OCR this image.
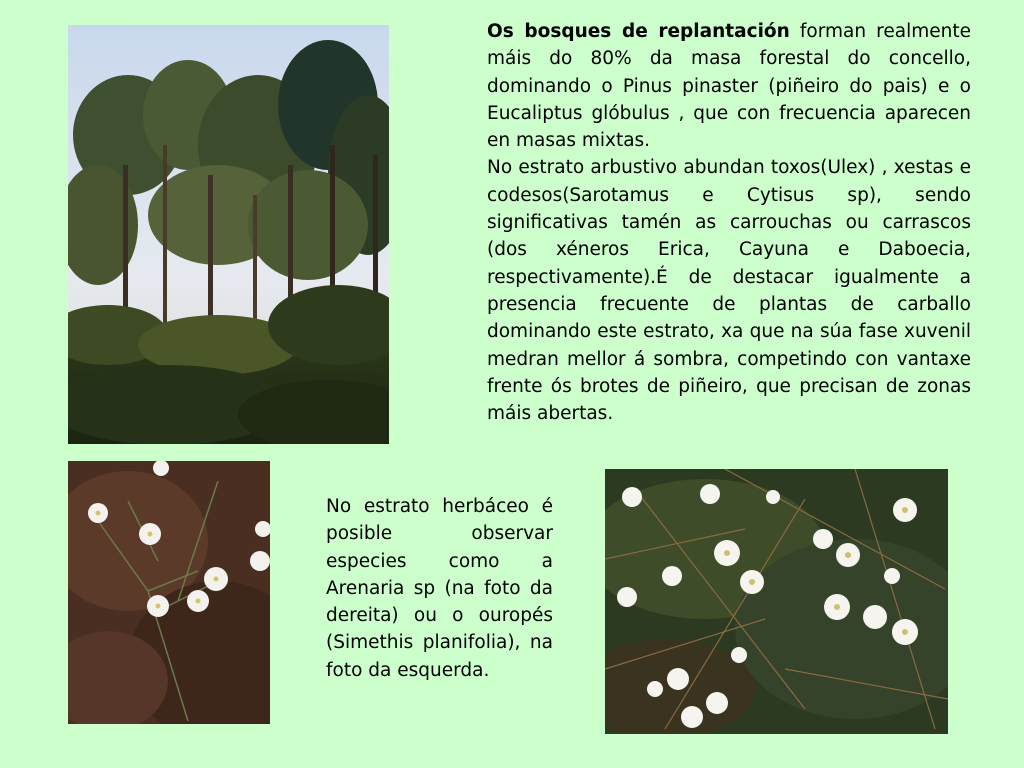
Os bosques de replantación forman realmente máis do 80% da masa forestal do concello, dominando o Pinus pinaster (piñeiro do pais) e o Eucaliptus glóbulus , que con frecuencia aparecen en masas mixtas.

No estrato arbustivo abundan toxos(Ulex) , xestas e codesos(Sarotamus e Cytisus sp), sendo significativas tamén as carrouchas ou carrascos (dos xéneros Erica, Cayuna e Daboecia, respectivamente).É de destacar igualmente a presencia frecuente de plantas de carballo dominando este estrato, xa que na súa fase xuvenil medran mellor á sombra, competindo con vantaxe frente ós brotes de piñeiro, que precisan de zonas máis abertas.

No estrato herbáceo é posible observar especies como a Arenaria sp (na foto da dereita) ou o ouropés (Simethis planifolia), na foto da esquerda.
